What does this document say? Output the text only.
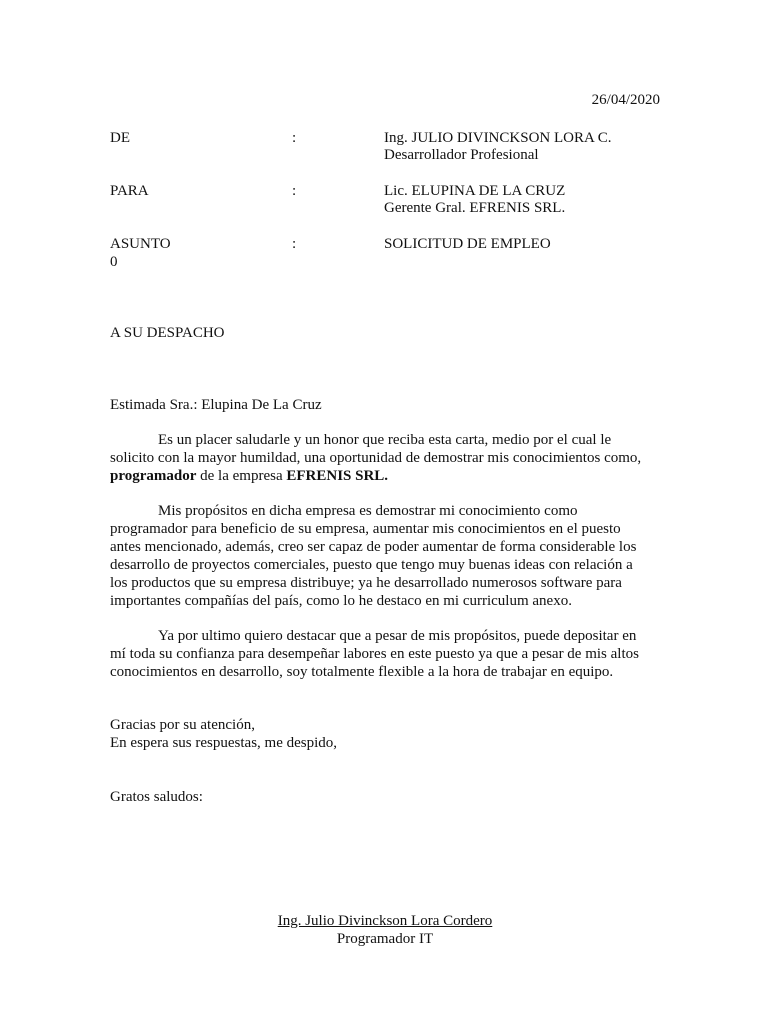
26/04/2020
DE	:	Ing. JULIO DIVINCKSON LORA C.
Desarrollador Profesional
PARA	:	Lic. ELUPINA DE LA CRUZ
Gerente Gral. EFRENIS SRL.
ASUNTO	:	SOLICITUD DE EMPLEO
0
A SU DESPACHO
Estimada Sra.: Elupina De La Cruz
Es un placer saludarle y un honor que reciba esta carta, medio por el cual le
solicito con la mayor humildad, una oportunidad de demostrar mis conocimientos como,
programador de la empresa EFRENIS SRL.
Mis propósitos en dicha empresa es demostrar mi conocimiento como
programador para beneficio de su empresa, aumentar mis conocimientos en el puesto
antes mencionado, además, creo ser capaz de poder aumentar de forma considerable los
desarrollo de proyectos comerciales, puesto que tengo muy buenas ideas con relación a
los productos que su empresa distribuye; ya he desarrollado numerosos software para
importantes compañías del país, como lo he destaco en mi curriculum anexo.
Ya por ultimo quiero destacar que a pesar de mis propósitos, puede depositar en
mí toda su confianza para desempeñar labores en este puesto ya que a pesar de mis altos
conocimientos en desarrollo, soy totalmente flexible a la hora de trabajar en equipo.
Gracias por su atención,
En espera sus respuestas, me despido,
Gratos saludos:
Ing. Julio Divinckson Lora Cordero
Programador IT
